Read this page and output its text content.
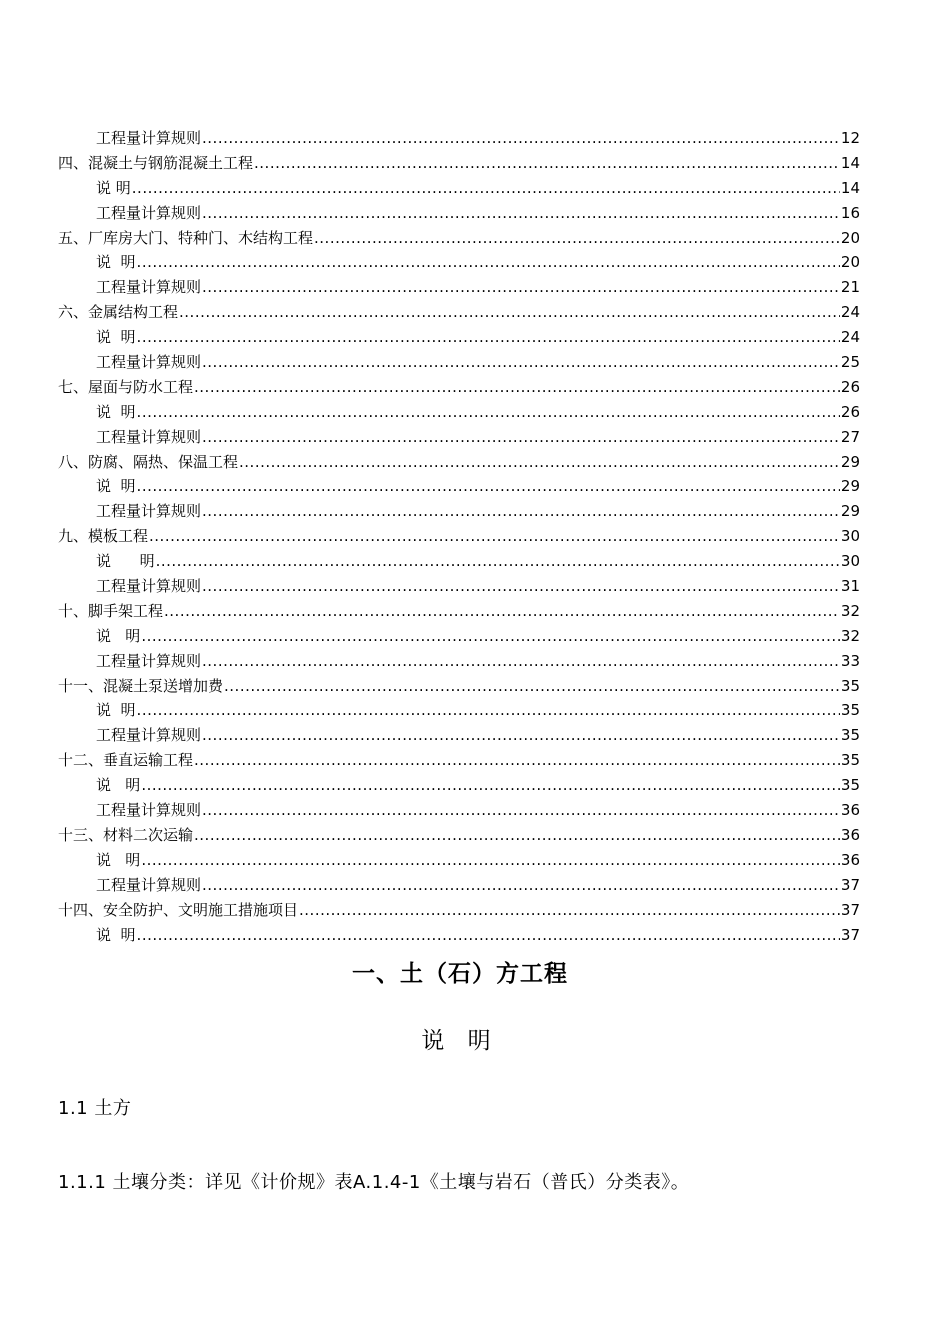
工程量计算规则 .....	12
四、混凝土与钢筋混凝土工程 .....	14
说 明 .....	14
工程量计算规则 .....	16
五、厂库房大门、特种门、木结构工程 .....	20
说  明 .....	20
工程量计算规则 .....	21
六、金属结构工程 .....	24
说  明 .....	24
工程量计算规则 .....	25
七、屋面与防水工程 .....	26
说  明 .....	26
工程量计算规则 .....	27
八、防腐、隔热、保温工程 .....	29
说  明 .....	29
工程量计算规则 .....	29
九、模板工程 .....	30
说      明 .....	30
工程量计算规则 .....	31
十、脚手架工程 .....	32
说   明 .....	32
工程量计算规则 .....	33
十一、混凝土泵送增加费 .....	35
说  明 .....	35
工程量计算规则 .....	35
十二、垂直运输工程 .....	35
说   明 .....	35
工程量计算规则 .....	36
十三、材料二次运输 .....	36
说   明 .....	36
工程量计算规则 .....	37
十四、安全防护、文明施工措施项目 .....	37
说  明 .....	37
一、土（石）方工程
说 明
1.1 土方
1.1.1 土壤分类：详见《计价规》表A.1.4-1《土壤与岩石（普氏）分类表》。
